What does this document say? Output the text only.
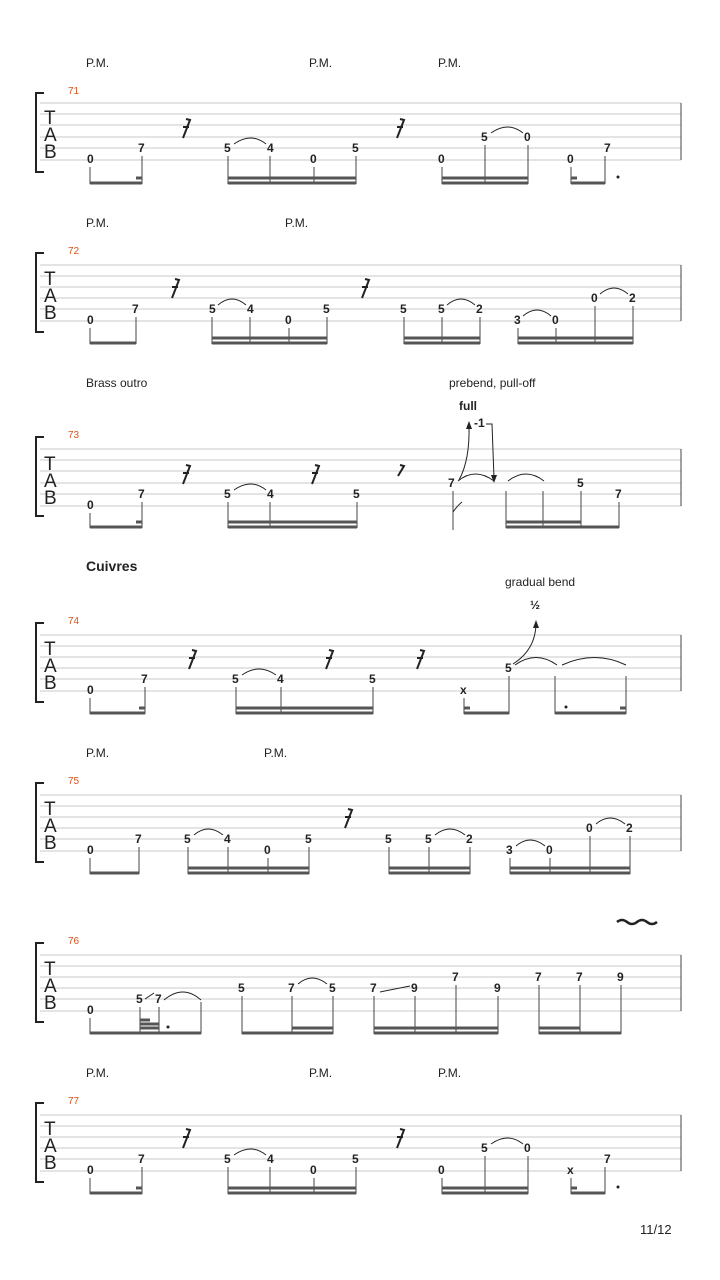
P.M.	P.M.	P.M.
71
T
A
B	0
7	5	4
0
5
0
5	0
0
7
P.M.	P.M.
72
T
A
B	0
7	5	4
0
5	5	5	2
3	0
0	2
Brass outro	prebend, pull-off
full
-1
73
T
A
B	0
7	5	4	5
7	5
7
Cuivres
gradual bend
½
74
T
A
B	0
7	5	4	5
x
5
P.M.	P.M.
75
T
A
B	0
7	5	4
0
5	5	5	2
3	0
0	2
76
T
A
B	0
5 7
5	7	5	7	9
7
9
7	7	9
P.M.	P.M.	P.M.
77
T
A
B	0
7	5	4
0
5
0
5	0
x
7
11/12
